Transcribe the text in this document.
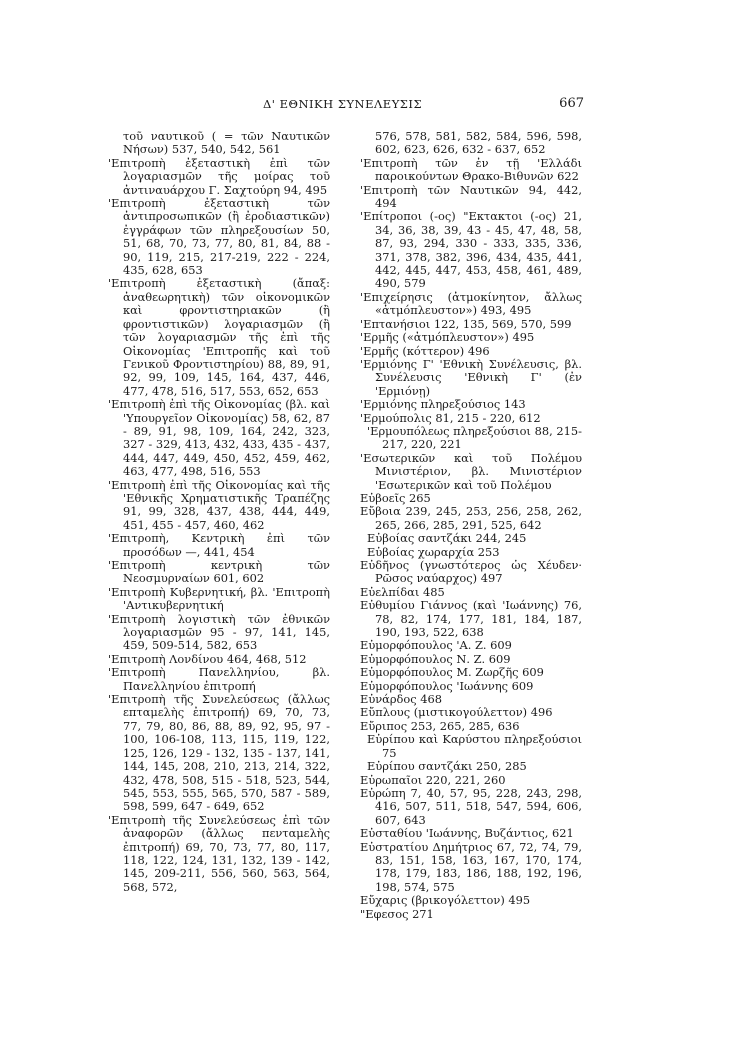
Δ' ΕΘΝΙΚΗ ΣΥΝΕΛΕΥΣΙΣ	667

τοῦ ναυτικοῦ ( = τῶν Ναυτικῶν Νήσων) 537, 540, 542, 561

'Επιτροπὴ ἐξεταστικὴ ἐπὶ τῶν λογαριασμῶν τῆς μοίρας τοῦ ἀντιναυάρχου Γ. Σαχτούρη 94, 495

'Επιτροπὴ ἐξεταστικὴ τῶν ἀντιπροσωπικῶν (ἢ ἐροδιαστικῶν) ἐγγράφων τῶν πληρεξουσίων 50, 51, 68, 70, 73, 77, 80, 81, 84, 88 - 90, 119, 215, 217-219, 222 - 224, 435, 628, 653

'Επιτροπὴ ἐξεταστικὴ (ἄπαξ: ἀναθεωρητικὴ) τῶν οἰκονομικῶν καὶ φροντιστηριακῶν (ἢ φροντιστικῶν) λογαριασμῶν (ἢ τῶν λογαριασμῶν τῆς ἐπὶ τῆς Οἰκονομίας 'Επιτροπῆς καὶ τοῦ Γενικοῦ Φροντιστηρίου) 88, 89, 91, 92, 99, 109, 145, 164, 437, 446, 477, 478, 516, 517, 553, 652, 653

'Επιτροπὴ ἐπὶ τῆς Οἰκονομίας (βλ. καὶ 'Υπουργεῖον Οἰκονομίας) 58, 62, 87 - 89, 91, 98, 109, 164, 242, 323, 327 - 329, 413, 432, 433, 435 - 437, 444, 447, 449, 450, 452, 459, 462, 463, 477, 498, 516, 553

'Επιτροπὴ ἐπὶ τῆς Οἰκονομίας καὶ τῆς 'Εθνικῆς Χρηματιστικῆς Τραπέζης 91, 99, 328, 437, 438, 444, 449, 451, 455 - 457, 460, 462

'Επιτροπὴ, Κεντρικὴ ἐπὶ τῶν προσόδων —, 441, 454

'Επιτροπὴ κεντρικὴ τῶν Νεοσμυρναίων 601, 602

'Επιτροπὴ Κυβερνητική, βλ. 'Επιτροπὴ 'Αντικυβερνητική

'Επιτροπὴ λογιστικὴ τῶν ἐθνικῶν λογαριασμῶν 95 - 97, 141, 145, 459, 509-514, 582, 653

'Επιτροπὴ Λονδίνου 464, 468, 512

'Επιτροπὴ Πανελληνίου, βλ. Πανελληνίου ἐπιτροπή

'Επιτροπὴ τῆς Συνελεύσεως (ἄλλως επταμελὴς ἐπιτροπή) 69, 70, 73, 77, 79, 80, 86, 88, 89, 92, 95, 97 - 100, 106-108, 113, 115, 119, 122, 125, 126, 129 - 132, 135 - 137, 141, 144, 145, 208, 210, 213, 214, 322, 432, 478, 508, 515 - 518, 523, 544, 545, 553, 555, 565, 570, 587 - 589, 598, 599, 647 - 649, 652

'Επιτροπὴ τῆς Συνελεύσεως ἐπὶ τῶν ἀναφορῶν (ἄλλως πενταμελὴς ἐπιτροπή) 69, 70, 73, 77, 80, 117, 118, 122, 124, 131, 132, 139 - 142, 145, 209-211, 556, 560, 563, 564, 568, 572,

576, 578, 581, 582, 584, 596, 598, 602, 623, 626, 632 - 637, 652

'Επιτροπὴ τῶν ἐν τῇ 'Ελλάδι παροικούντων Θρακο-Βιθυνῶν 622

'Επιτροπὴ τῶν Ναυτικῶν 94, 442, 494

'Επίτροποι (-ος) "Εκτακτοι (-ος) 21, 34, 36, 38, 39, 43 - 45, 47, 48, 58, 87, 93, 294, 330 - 333, 335, 336, 371, 378, 382, 396, 434, 435, 441, 442, 445, 447, 453, 458, 461, 489, 490, 579

'Επιχείρησις (ἀτμοκίνητον, ἄλλως «ἀτμόπλευστον») 493, 495

'Επτανήσιοι 122, 135, 569, 570, 599

'Ερμῆς («ἀτμόπλευστον») 495

'Ερμῆς (κόττερον) 496

'Ερμιόνης Γ' 'Εθνικὴ Συνέλευσις, βλ. Συνέλευσις 'Εθνικὴ Γ' (ἐν 'Ερμιόνῃ)

'Ερμιόνης πληρεξούσιος 143

'Ερμούπολις 81, 215 - 220, 612

'Ερμουπόλεως πληρεξούσιοι 88, 215-217, 220, 221

'Εσωτερικῶν καὶ τοῦ Πολέμου Μινιστέριον, βλ. Μινιστέριον 'Εσωτερικῶν καὶ τοῦ Πολέμου

Εὐβοεῖς 265

Εὔβοια 239, 245, 253, 256, 258, 262, 265, 266, 285, 291, 525, 642

Εὐβοίας σαντζάκι 244, 245

Εὐβοίας χωραρχία 253

Εὐδῆνος (γνωστότερος ὡς Χέυδεν· Ρῶσος ναύαρχος) 497

Εὐελπίδαι 485

Εὐθυμίου Γιάννος (καὶ 'Ιωάννης) 76, 78, 82, 174, 177, 181, 184, 187, 190, 193, 522, 638

Εὐμορφόπουλος 'Α. Ζ. 609

Εὐμορφόπουλος Ν. Ζ. 609

Εὐμορφόπουλος Μ. Ζωρζῆς 609

Εὐμορφόπουλος 'Ιωάννης 609

Εὐνάρδος 468

Εὔπλους (μιστικογούλεττον) 496

Εὔριπος 253, 265, 285, 636

Εὐρίπου καὶ Καρύστου πληρεξούσιοι 75

Εὐρίπου σαντζάκι 250, 285

Εὐρωπαῖοι 220, 221, 260

Εὐρώπη 7, 40, 57, 95, 228, 243, 298, 416, 507, 511, 518, 547, 594, 606, 607, 643

Εὐσταθίου 'Ιωάννης, Βυζάντιος, 621

Εὐστρατίου Δημήτριος 67, 72, 74, 79, 83, 151, 158, 163, 167, 170, 174, 178, 179, 183, 186, 188, 192, 196, 198, 574, 575

Εὔχαρις (βρικογόλεττον) 495

"Εφεσος 271
